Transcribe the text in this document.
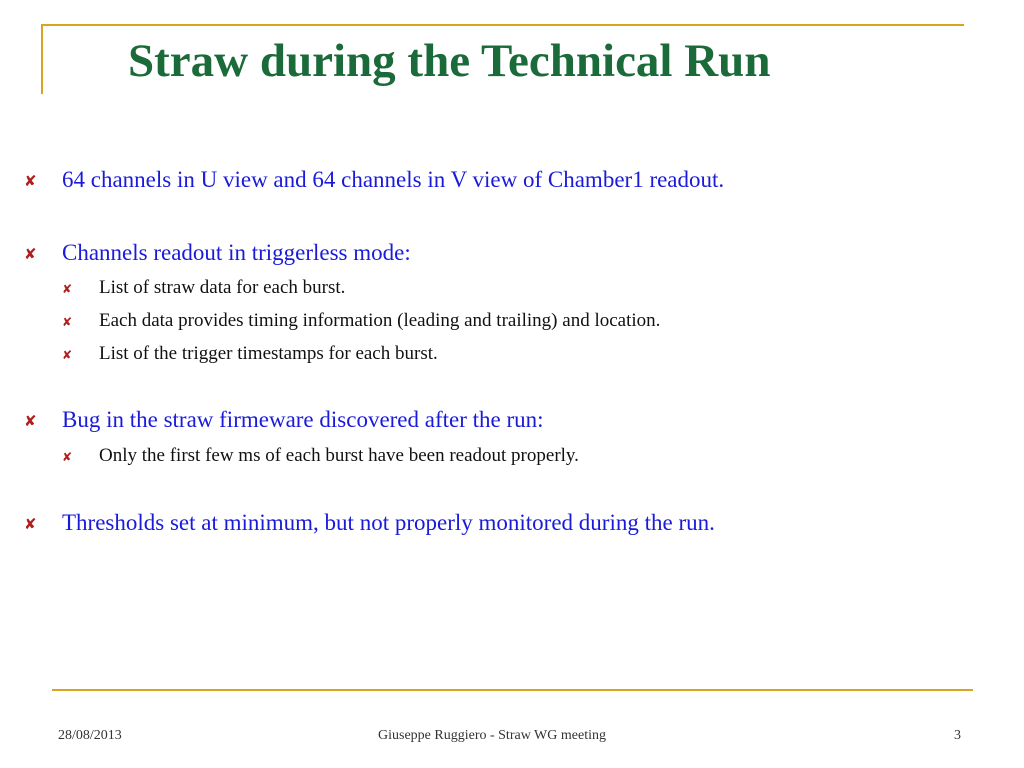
Straw during the Technical Run
✘ 64 channels in U view and 64 channels in V view of Chamber1 readout.
✘ Channels readout in triggerless mode:
✘ List of straw data for each burst.
✘ Each data provides timing information (leading and trailing) and location.
✘ List of the trigger timestamps for each burst.
✘ Bug in the straw firmeware discovered after the run:
✘ Only the first few ms of each burst have been readout properly.
✘ Thresholds set at minimum, but not properly monitored during the run.
28/08/2013	Giuseppe Ruggiero - Straw WG meeting	3
